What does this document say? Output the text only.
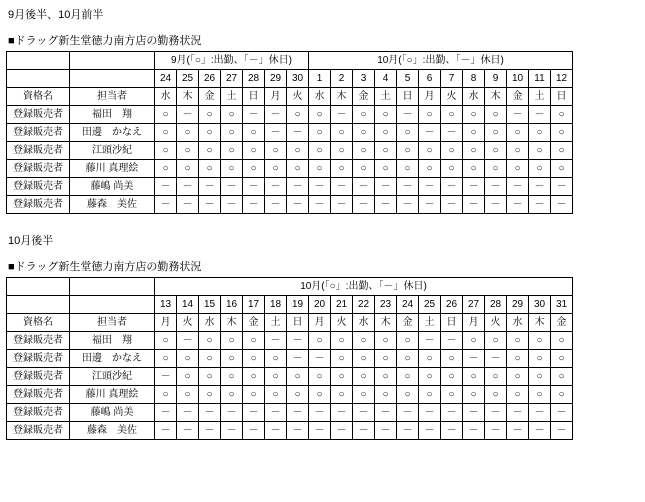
9月後半、10月前半
■ドラッグ新生堂徳力南方店の勤務状況
		9月(「○」:出勤、「－」休日)							10月(「○」:出勤、「－」休日)											
		24	25	26	27	28	29	30	1	2	3	4	5	6	7	8	9	10	11	12
資格名	担当者	水	木	金	土	日	月	火	水	木	金	土	日	月	火	水	木	金	土	日
登録販売者	福田　翔	○	－	○	○	－	－	○	○	－	○	○	－	○	○	○	○	－	－	○
登録販売者	田邊　かなえ	○	○	○	○	○	－	－	○	○	○	○	○	－	－	○	○	○	○	○
登録販売者	江頭沙紀	○	○	○	○	○	○	○	○	○	○	○	○	○	○	○	○	○	○	○
登録販売者	藤川 真理絵	○	○	○	○	○	○	○	○	○	○	○	○	○	○	○	○	○	○	○
登録販売者	藤嶋 尚美	－	－	－	－	－	－	－	－	－	－	－	－	－	－	－	－	－	－	－
登録販売者	藤森　美佐	－	－	－	－	－	－	－	－	－	－	－	－	－	－	－	－	－	－	－
10月後半
■ドラッグ新生堂徳力南方店の勤務状況
		10月(「○」:出勤、「－」休日)																		
		13	14	15	16	17	18	19	20	21	22	23	24	25	26	27	28	29	30	31
資格名	担当者	月	火	水	木	金	土	日	月	火	水	木	金	土	日	月	火	水	木	金
登録販売者	福田　翔	○	－	○	○	○	－	－	○	○	○	○	○	－	－	○	○	○	○	○
登録販売者	田邊　かなえ	○	○	○	○	○	○	－	－	○	○	○	○	○	○	－	－	○	○	○
登録販売者	江頭沙紀	－	○	○	○	○	○	○	○	○	○	○	○	○	○	○	○	○	○	○
登録販売者	藤川 真理絵	○	○	○	○	○	○	○	○	○	○	○	○	○	○	○	○	○	○	○
登録販売者	藤嶋 尚美	－	－	－	－	－	－	－	－	－	－	－	－	－	－	－	－	－	－	－
登録販売者	藤森　美佐	－	－	－	－	－	－	－	－	－	－	－	－	－	－	－	－	－	－	－
